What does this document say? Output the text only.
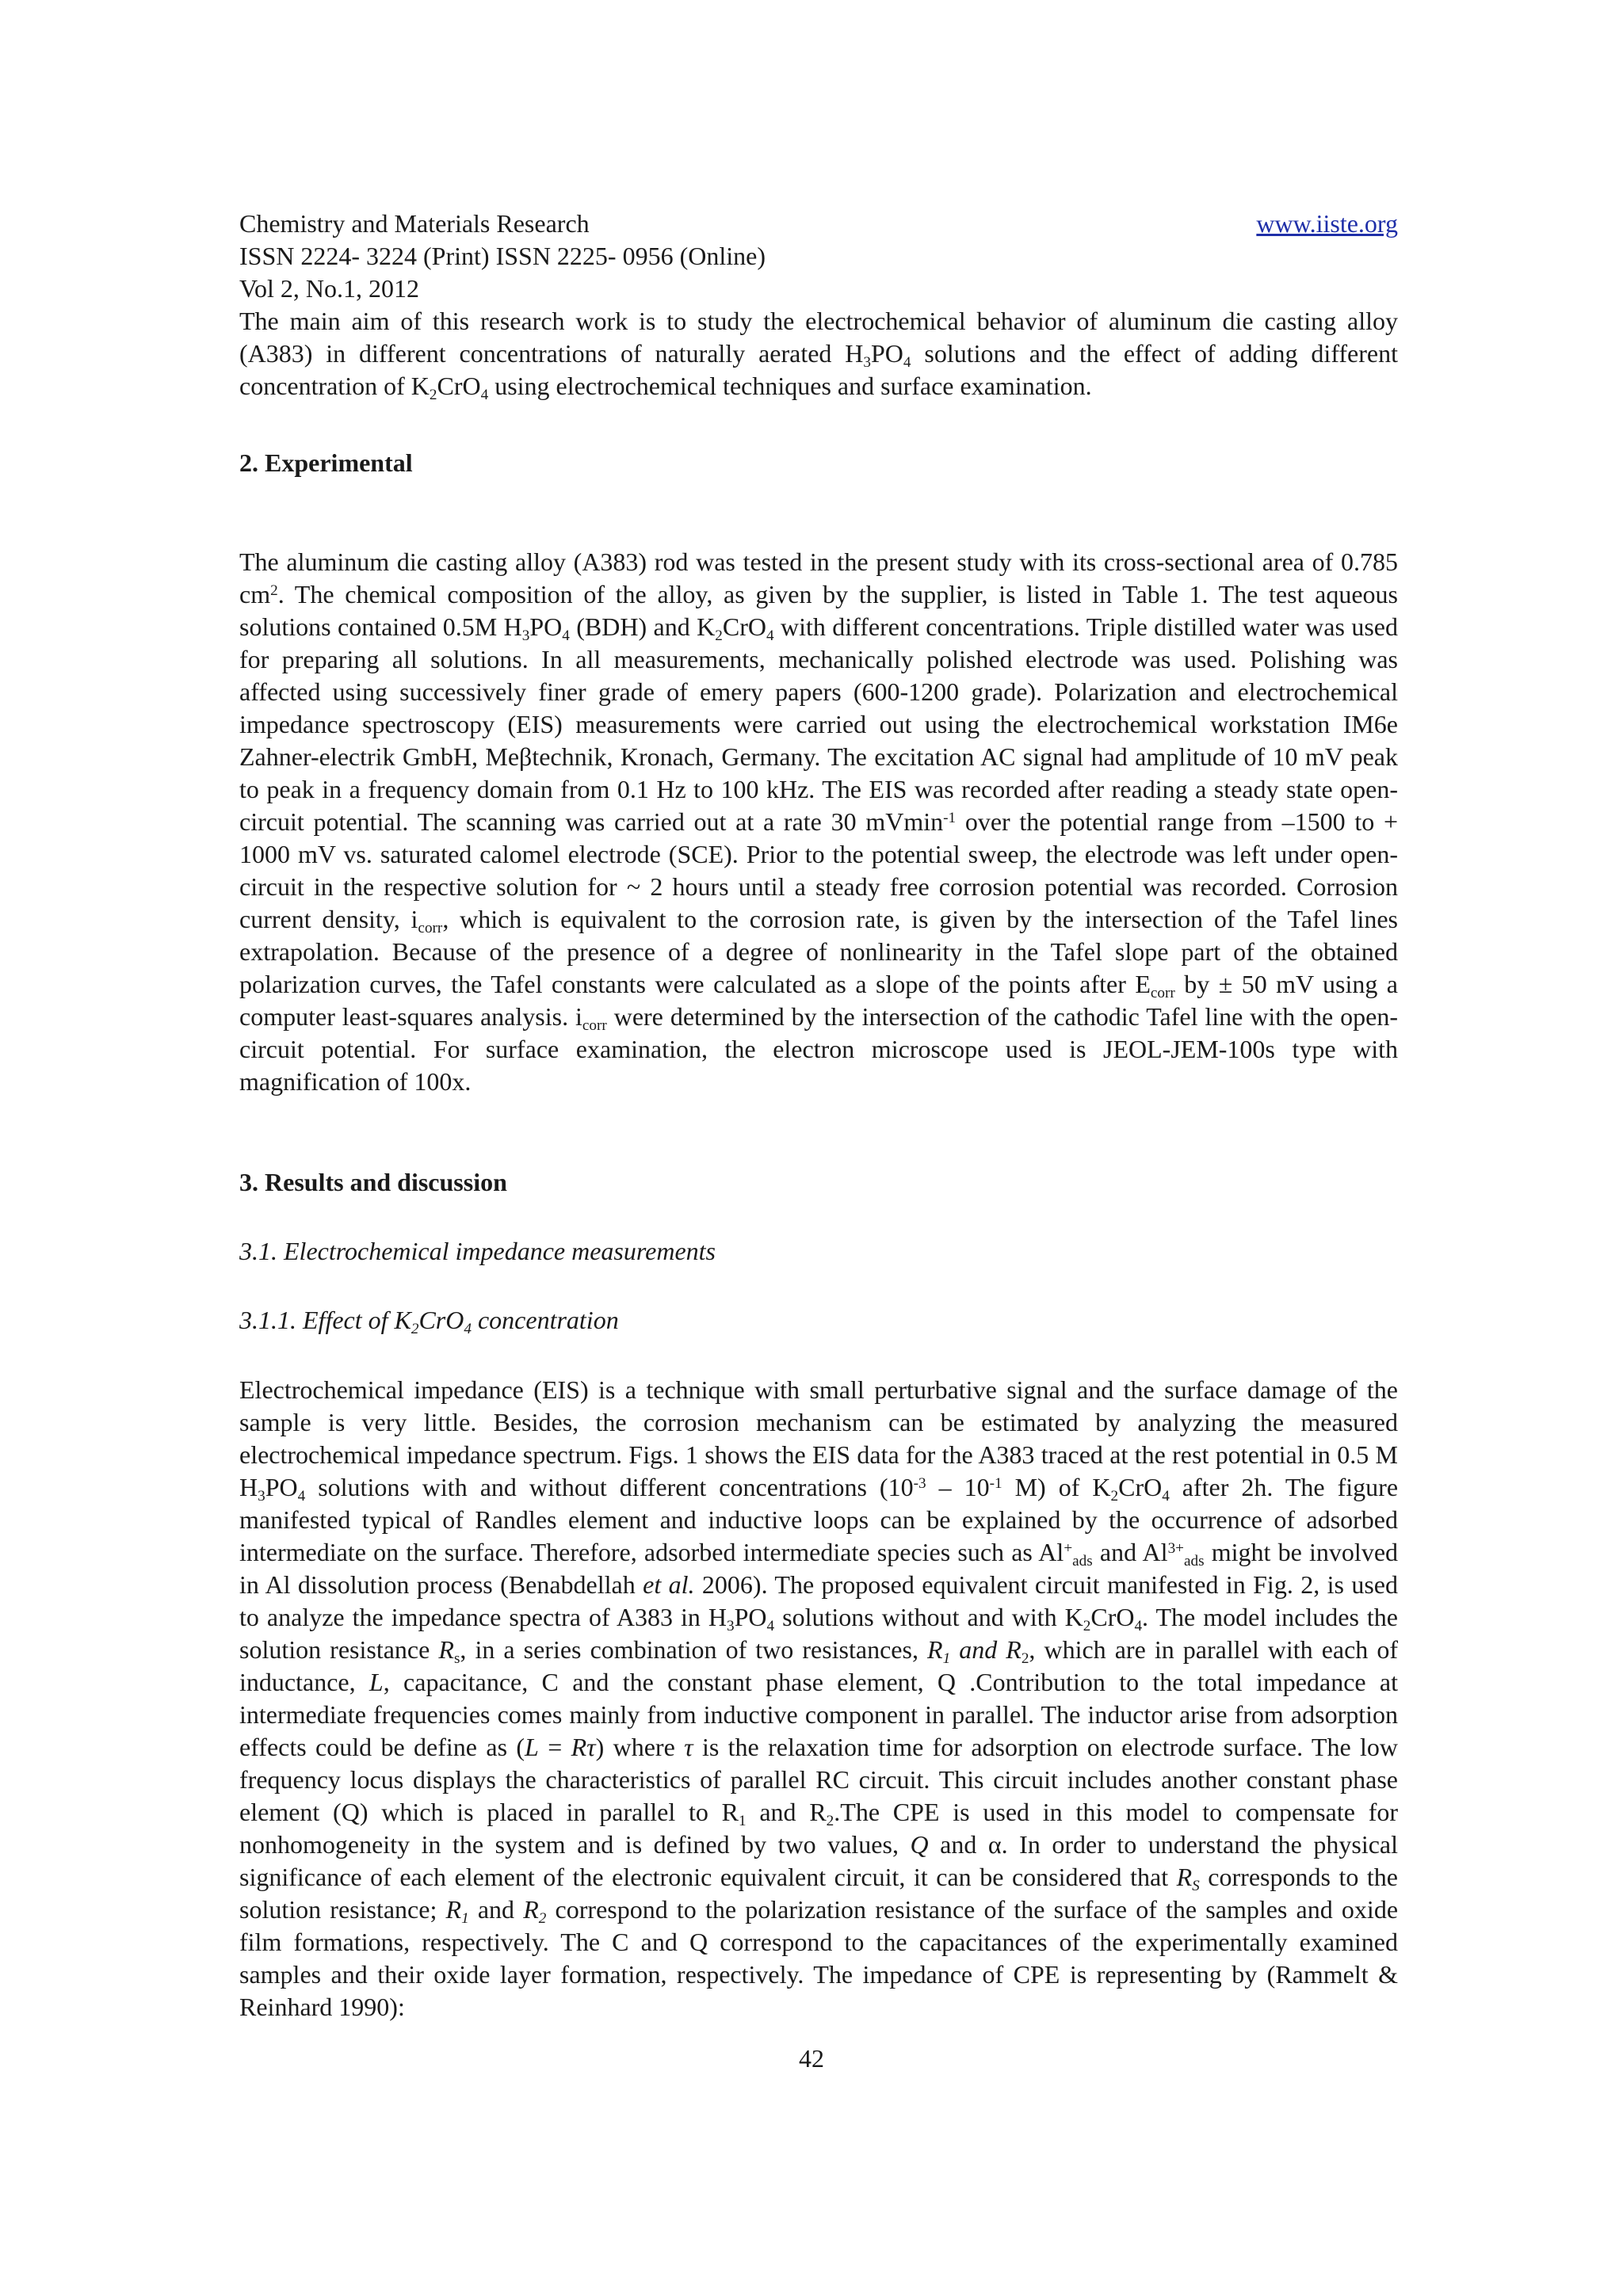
Chemistry and Materials Research	www.iiste.org
ISSN 2224- 3224 (Print) ISSN 2225- 0956 (Online)
Vol 2, No.1, 2012

The main aim of this research work is to study the electrochemical behavior of aluminum die casting alloy (A383) in different concentrations of naturally aerated $H_3PO_4$ solutions and the effect of adding different concentration of $K_2CrO_4$ using electrochemical techniques and surface examination.

2. Experimental

The aluminum die casting alloy (A383) rod was tested in the present study with its cross-sectional area of 0.785 $cm^2$. The chemical composition of the alloy, as given by the supplier, is listed in Table 1. The test aqueous solutions contained 0.5M $H_3PO_4$ (BDH) and $K_2CrO_4$ with different concentrations. Triple distilled water was used for preparing all solutions. In all measurements, mechanically polished electrode was used. Polishing was affected using successively finer grade of emery papers (600-1200 grade). Polarization and electrochemical impedance spectroscopy (EIS) measurements were carried out using the electrochemical workstation IM6e Zahner-electrik GmbH, Meβtechnik, Kronach, Germany. The excitation AC signal had amplitude of 10 mV peak to peak in a frequency domain from 0.1 Hz to 100 kHz. The EIS was recorded after reading a steady state open-circuit potential. The scanning was carried out at a rate 30 mVmin$^{-1}$ over the potential range from –1500 to + 1000 mV vs. saturated calomel electrode (SCE). Prior to the potential sweep, the electrode was left under open-circuit in the respective solution for ~ 2 hours until a steady free corrosion potential was recorded. Corrosion current density, $i_{corr}$, which is equivalent to the corrosion rate, is given by the intersection of the Tafel lines extrapolation. Because of the presence of a degree of nonlinearity in the Tafel slope part of the obtained polarization curves, the Tafel constants were calculated as a slope of the points after $E_{corr}$ by ± 50 mV using a computer least-squares analysis. $i_{corr}$ were determined by the intersection of the cathodic Tafel line with the open-circuit potential. For surface examination, the electron microscope used is JEOL-JEM-100s type with magnification of 100x.

3. Results and discussion
3.1. Electrochemical impedance measurements
3.1.1. Effect of $K_2CrO_4$ concentration

Electrochemical impedance (EIS) is a technique with small perturbative signal and the surface damage of the sample is very little. Besides, the corrosion mechanism can be estimated by analyzing the measured electrochemical impedance spectrum. Figs. 1 shows the EIS data for the A383 traced at the rest potential in 0.5 M $H_3PO_4$ solutions with and without different concentrations ($10^{-3} - 10^{-1}$ M) of $K_2CrO_4$ after 2h. The figure manifested typical of Randles element and inductive loops can be explained by the occurrence of adsorbed intermediate on the surface. Therefore, adsorbed intermediate species such as $Al^+_{ads}$ and $Al^{3+}_{ads}$ might be involved in Al dissolution process (Benabdellah et al. 2006). The proposed equivalent circuit manifested in Fig. 2, is used to analyze the impedance spectra of A383 in $H_3PO_4$ solutions without and with $K_2CrO_4$. The model includes the solution resistance $R_s$, in a series combination of two resistances, $R_1$ and $R_2$, which are in parallel with each of inductance, L, capacitance, C and the constant phase element, Q .Contribution to the total impedance at intermediate frequencies comes mainly from inductive component in parallel. The inductor arise from adsorption effects could be define as (L = Rτ) where τ is the relaxation time for adsorption on electrode surface. The low frequency locus displays the characteristics of parallel RC circuit. This circuit includes another constant phase element (Q) which is placed in parallel to $R_1$ and $R_2.The$ CPE is used in this model to compensate for nonhomogeneity in the system and is defined by two values, Q and α. In order to understand the physical significance of each element of the electronic equivalent circuit, it can be considered that $R_S$ corresponds to the solution resistance; $R_1$ and $R_2$ correspond to the polarization resistance of the surface of the samples and oxide film formations, respectively. The C and Q correspond to the capacitances of the experimentally examined samples and their oxide layer formation, respectively. The impedance of CPE is representing by (Rammelt & Reinhard 1990):

42
